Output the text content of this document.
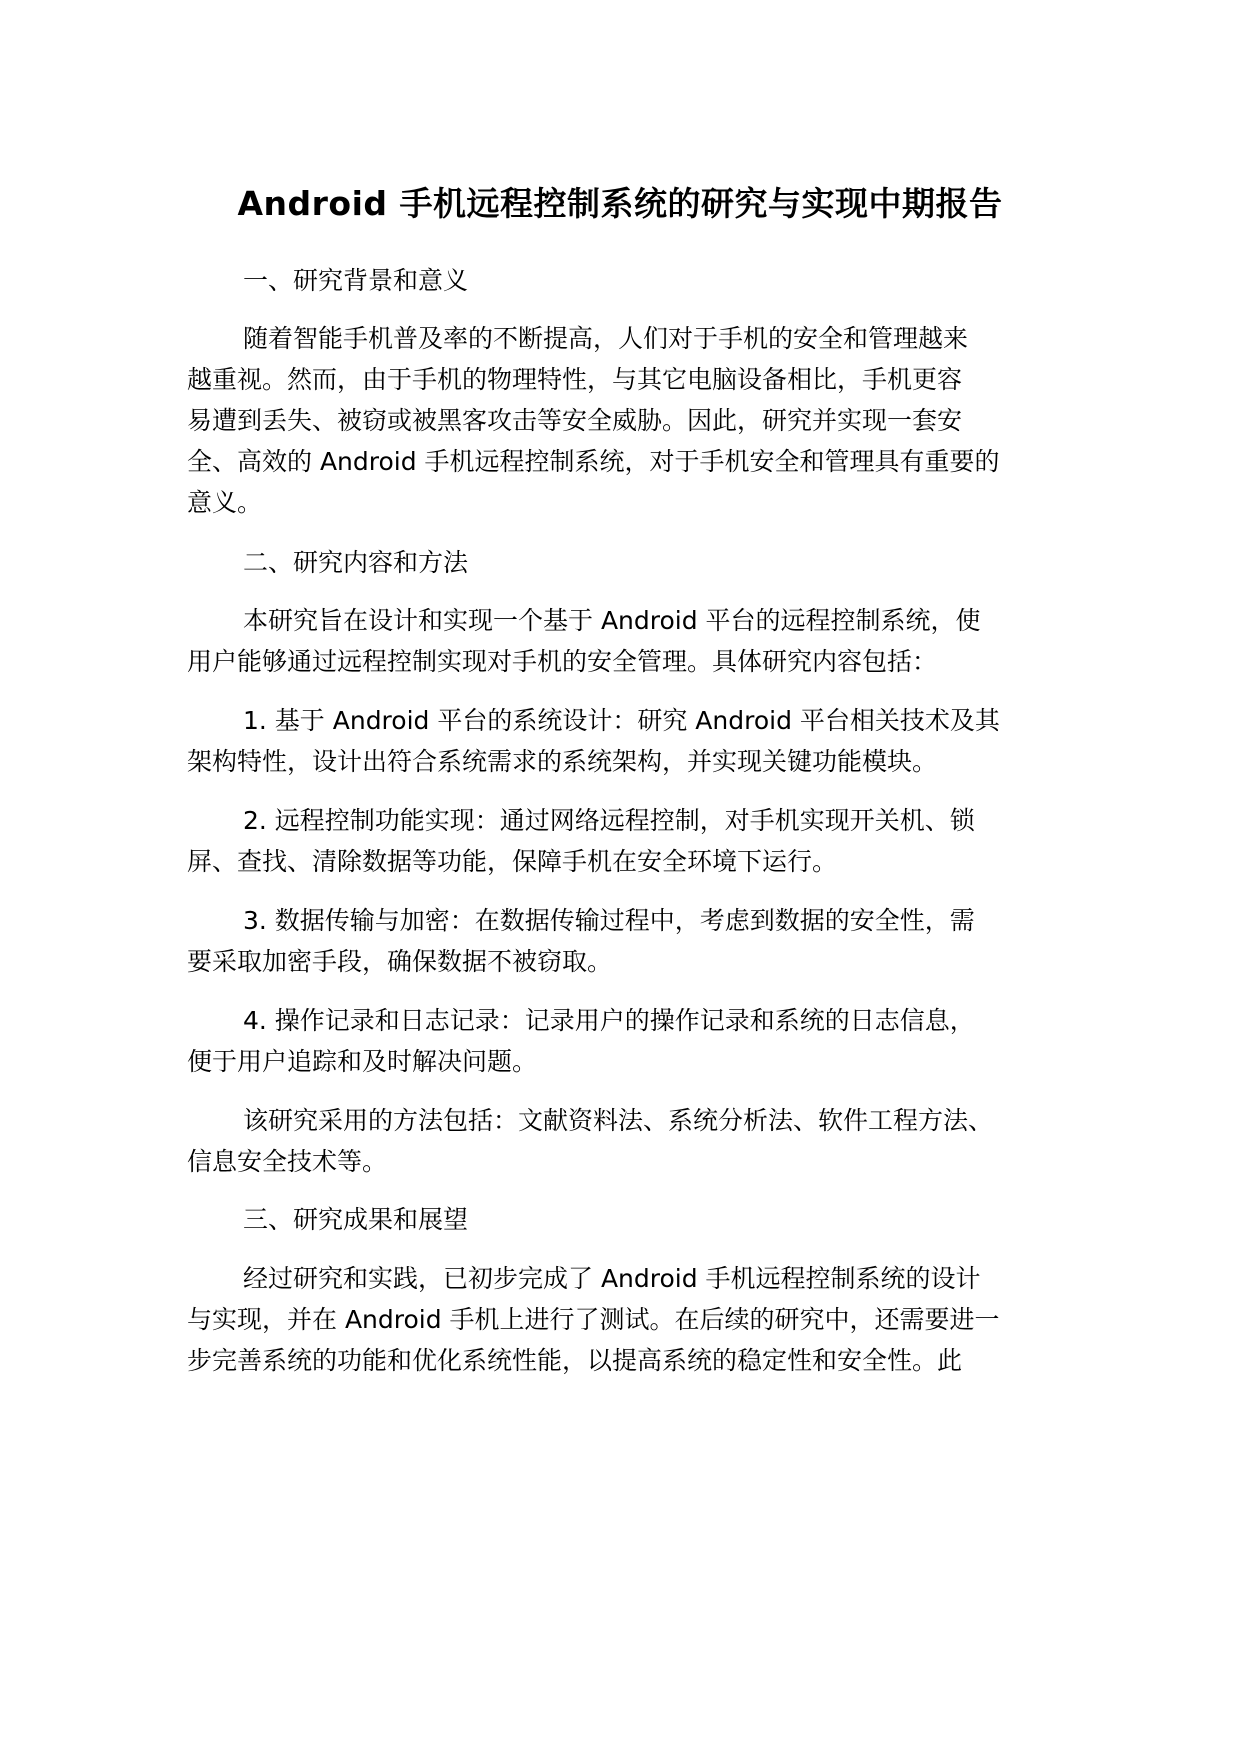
Android 手机远程控制系统的研究与实现中期报告
一、研究背景和意义
随着智能手机普及率的不断提高，人们对于手机的安全和管理越来
越重视。然而，由于手机的物理特性，与其它电脑设备相比，手机更容
易遭到丢失、被窃或被黑客攻击等安全威胁。因此，研究并实现一套安
全、高效的 Android 手机远程控制系统，对于手机安全和管理具有重要的
意义。
二、研究内容和方法
本研究旨在设计和实现一个基于 Android 平台的远程控制系统，使
用户能够通过远程控制实现对手机的安全管理。具体研究内容包括：
1. 基于 Android 平台的系统设计：研究 Android 平台相关技术及其
架构特性，设计出符合系统需求的系统架构，并实现关键功能模块。
2. 远程控制功能实现：通过网络远程控制，对手机实现开关机、锁
屏、查找、清除数据等功能，保障手机在安全环境下运行。
3. 数据传输与加密：在数据传输过程中，考虑到数据的安全性，需
要采取加密手段，确保数据不被窃取。
4. 操作记录和日志记录：记录用户的操作记录和系统的日志信息，
便于用户追踪和及时解决问题。
该研究采用的方法包括：文献资料法、系统分析法、软件工程方法、
信息安全技术等。
三、研究成果和展望
经过研究和实践，已初步完成了 Android 手机远程控制系统的设计
与实现，并在 Android 手机上进行了测试。在后续的研究中，还需要进一
步完善系统的功能和优化系统性能，以提高系统的稳定性和安全性。此
